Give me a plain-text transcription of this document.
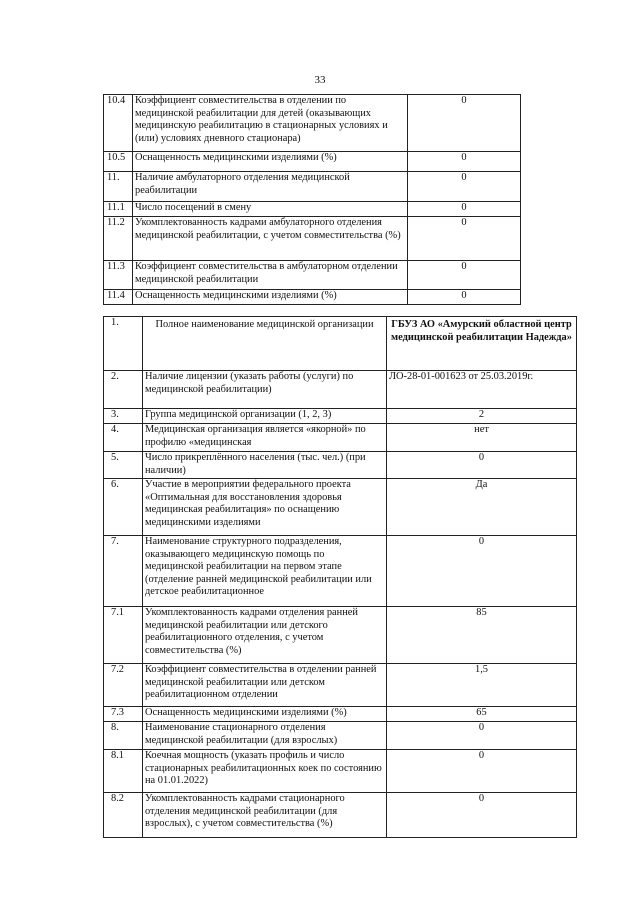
33
10.4	Коэффициент совместительства в отделении по медицинской реабилитации для детей (оказывающих медицинскую реабилитацию в стационарных условиях и (или) условиях дневного стационара)	0
10.5	Оснащенность медицинскими изделиями (%)	0
11.	Наличие амбулаторного отделения медицинской реабилитации	0
11.1	Число посещений в смену	0
11.2	Укомплектованность кадрами амбулаторного отделения медицинской реабилитации, с учетом совместительства (%)	0
11.3	Коэффициент совместительства в амбулаторном отделении медицинской реабилитации	0
11.4	Оснащенность медицинскими изделиями (%)	0
1.	Полное наименование медицинской организации	ГБУЗ АО «Амурский областной центр медицинской реабилитации Надежда»
2.	Наличие лицензии (указать работы (услуги) по медицинской реабилитации)	ЛО-28-01-001623 от 25.03.2019г.
3.	Группа медицинской организации (1, 2, 3)	2
4.	Медицинская организация является «якорной» по профилю «медицинская	нет
5.	Число прикреплённого населения (тыс. чел.) (при наличии)	0
6.	Участие в мероприятии федерального проекта «Оптимальная для восстановления здоровья медицинская реабилитация» по оснащению медицинскими изделиями	Да
7.	Наименование структурного подразделения, оказывающего медицинскую помощь по медицинской реабилитации на первом этапе (отделение ранней медицинской реабилитации или детское реабилитационное	0
7.1	Укомплектованность кадрами отделения ранней медицинской реабилитации или детского реабилитационного отделения, с учетом совместительства (%)	85
7.2	Коэффициент совместительства в отделении ранней медицинской реабилитации или детском реабилитационном отделении	1,5
7.3	Оснащенность медицинскими изделиями (%)	65
8.	Наименование стационарного отделения медицинской реабилитации (для взрослых)	0
8.1	Коечная мощность (указать профиль и число стационарных реабилитационных коек по состоянию на 01.01.2022)	0
8.2	Укомплектованность кадрами стационарного отделения медицинской реабилитации (для взрослых), с учетом совместительства (%)	0
